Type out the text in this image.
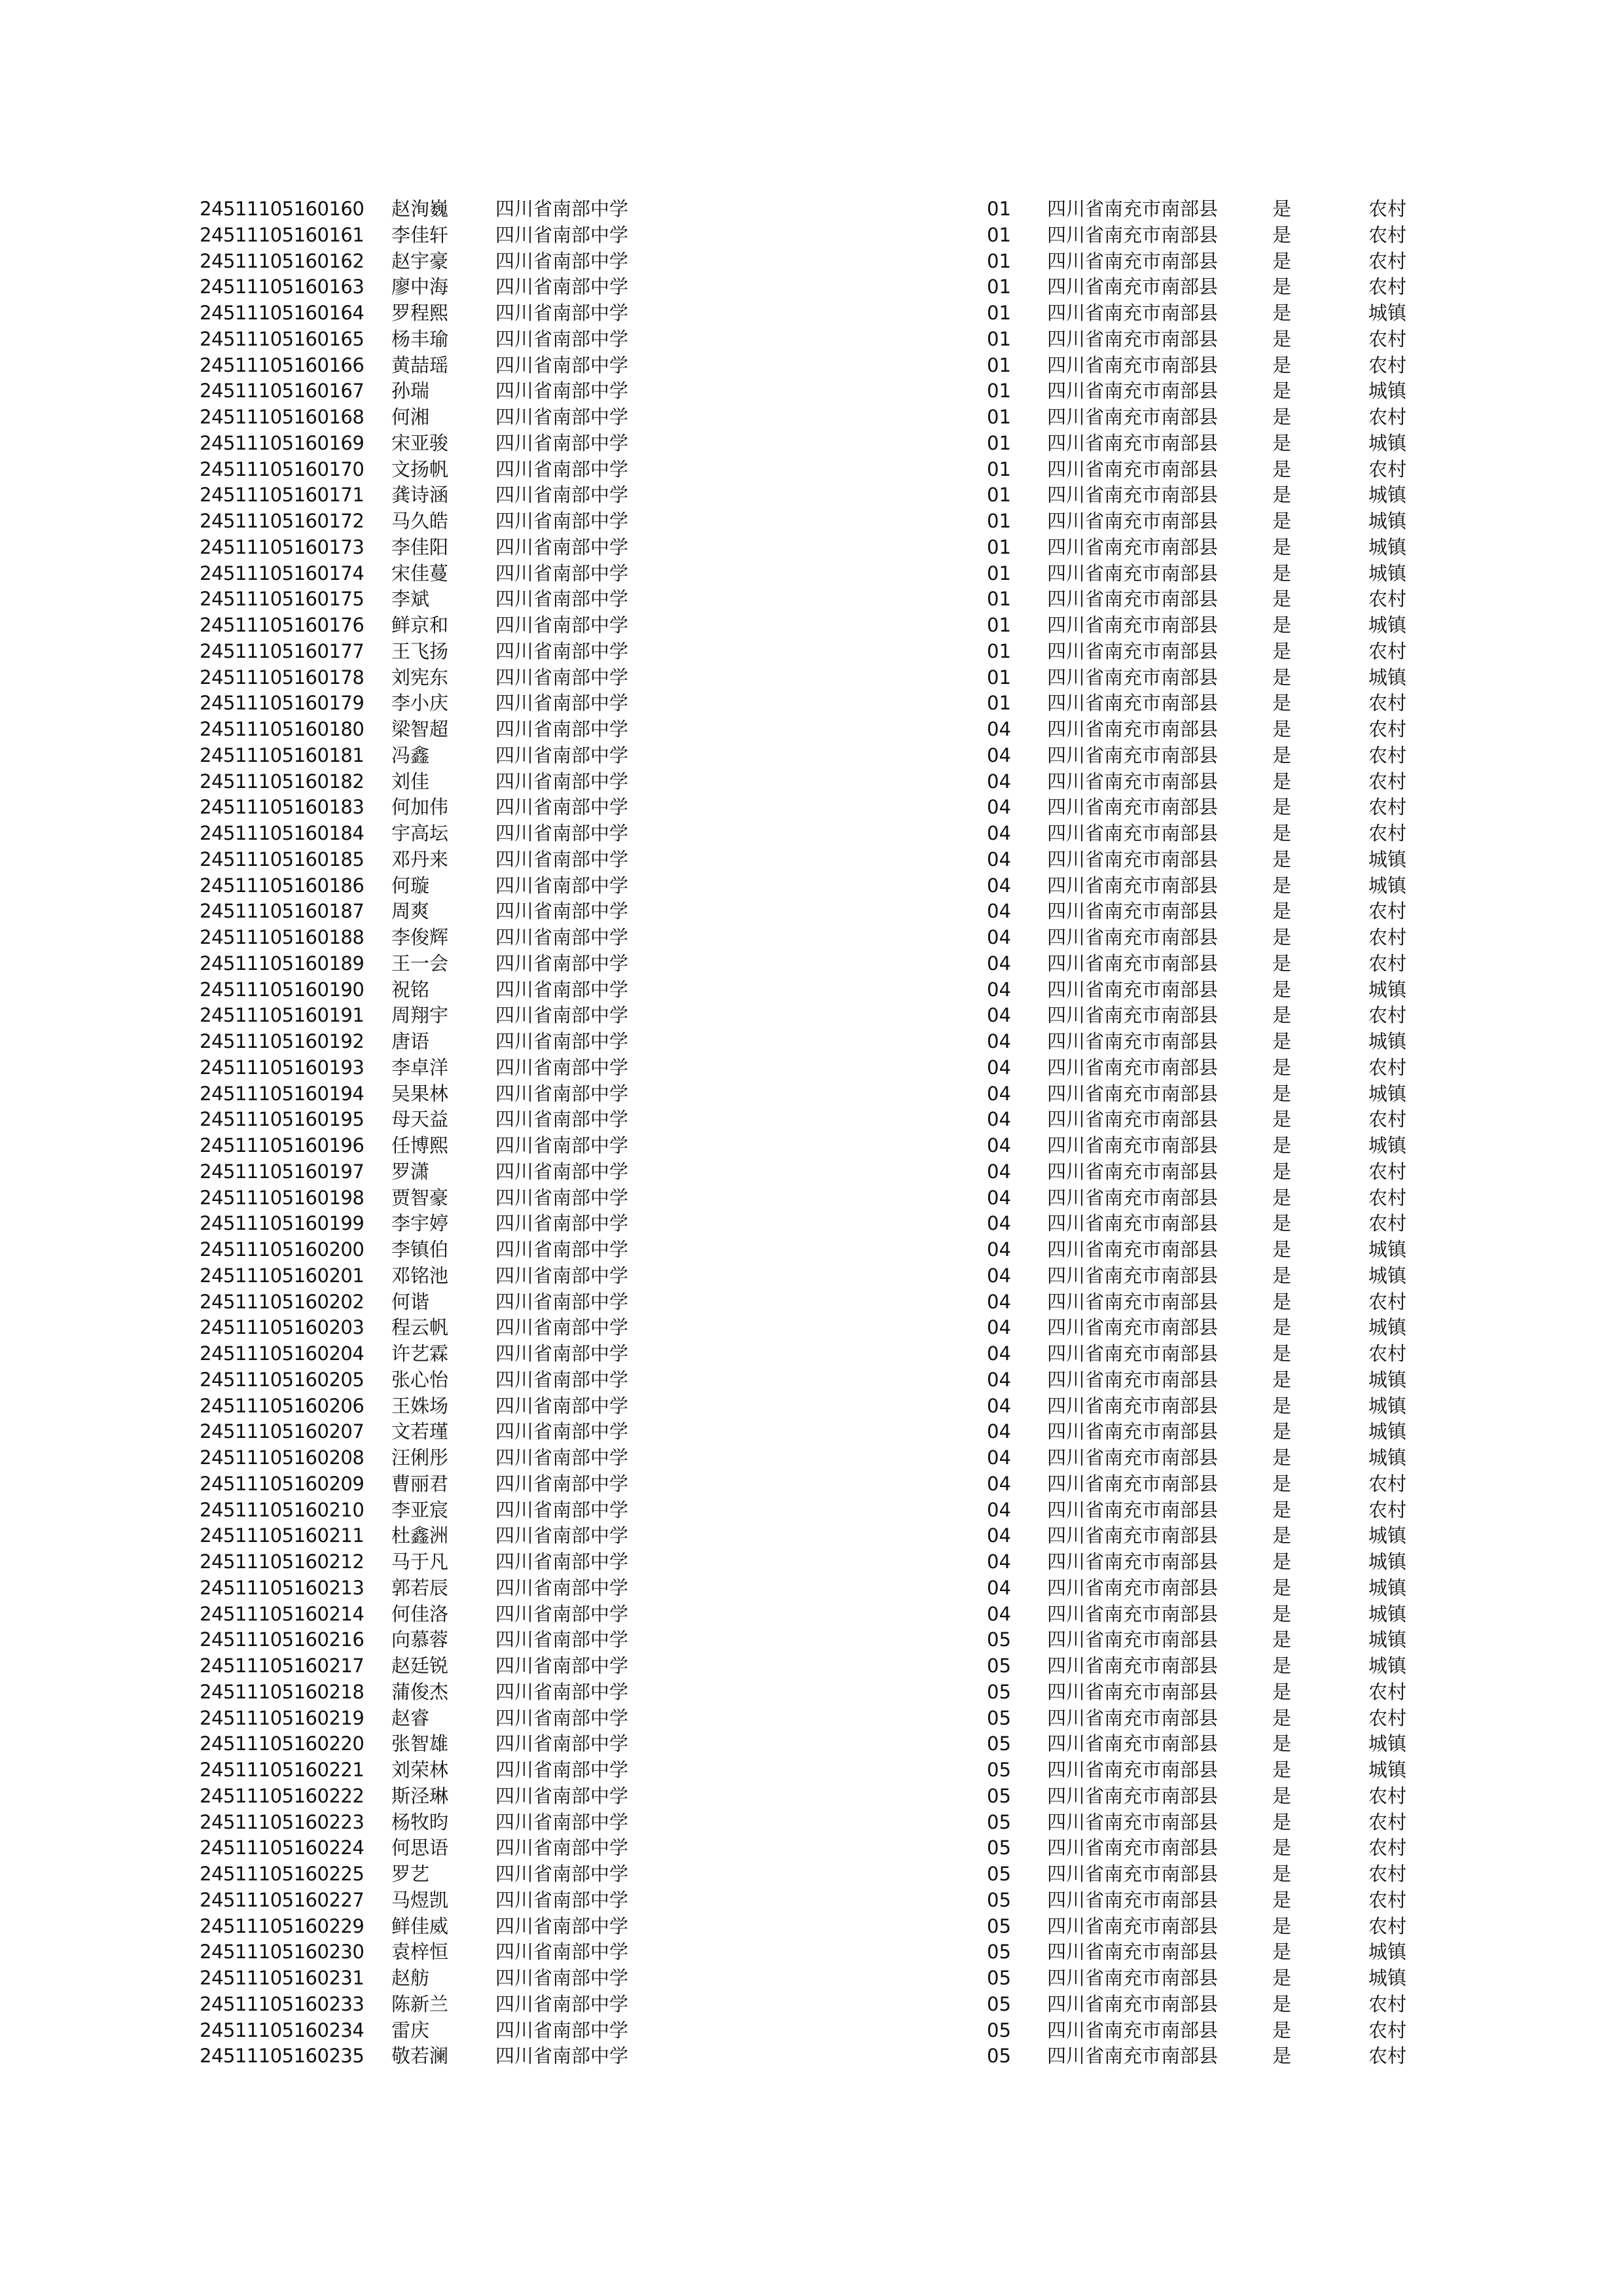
24511105160160 赵洵巍 四川省南部中学	01 四川省南充市南部县	是	农村
24511105160161 李佳轩 四川省南部中学	01 四川省南充市南部县	是	农村
24511105160162 赵宇豪 四川省南部中学	01 四川省南充市南部县	是	农村
24511105160163 廖中海 四川省南部中学	01 四川省南充市南部县	是	农村
24511105160164 罗程熙 四川省南部中学	01 四川省南充市南部县	是	城镇
24511105160165 杨丰瑜 四川省南部中学	01 四川省南充市南部县	是	农村
24511105160166 黄喆瑶 四川省南部中学	01 四川省南充市南部县	是	农村
24511105160167 孙瑞	四川省南部中学	01 四川省南充市南部县	是	城镇
24511105160168 何湘	四川省南部中学	01 四川省南充市南部县	是	农村
24511105160169 宋亚骏 四川省南部中学	01 四川省南充市南部县	是	城镇
24511105160170 文扬帆 四川省南部中学	01 四川省南充市南部县	是	农村
24511105160171 龚诗涵 四川省南部中学	01 四川省南充市南部县	是	城镇
24511105160172 马久皓 四川省南部中学	01 四川省南充市南部县	是	城镇
24511105160173 李佳阳 四川省南部中学	01 四川省南充市南部县	是	城镇
24511105160174 宋佳蔓 四川省南部中学	01 四川省南充市南部县	是	城镇
24511105160175 李斌	四川省南部中学	01 四川省南充市南部县	是	农村
24511105160176 鲜京和 四川省南部中学	01 四川省南充市南部县	是	城镇
24511105160177 王飞扬 四川省南部中学	01 四川省南充市南部县	是	农村
24511105160178 刘宪东 四川省南部中学	01 四川省南充市南部县	是	城镇
24511105160179 李小庆 四川省南部中学	01 四川省南充市南部县	是	农村
24511105160180 梁智超 四川省南部中学	04 四川省南充市南部县	是	农村
24511105160181 冯鑫	四川省南部中学	04 四川省南充市南部县	是	农村
24511105160182 刘佳	四川省南部中学	04 四川省南充市南部县	是	农村
24511105160183 何加伟 四川省南部中学	04 四川省南充市南部县	是	农村
24511105160184 宇高坛 四川省南部中学	04 四川省南充市南部县	是	农村
24511105160185 邓丹来 四川省南部中学	04 四川省南充市南部县	是	城镇
24511105160186 何璇	四川省南部中学	04 四川省南充市南部县	是	城镇
24511105160187 周爽	四川省南部中学	04 四川省南充市南部县	是	农村
24511105160188 李俊辉 四川省南部中学	04 四川省南充市南部县	是	农村
24511105160189 王一会 四川省南部中学	04 四川省南充市南部县	是	农村
24511105160190 祝铭	四川省南部中学	04 四川省南充市南部县	是	城镇
24511105160191 周翔宇 四川省南部中学	04 四川省南充市南部县	是	农村
24511105160192 唐语	四川省南部中学	04 四川省南充市南部县	是	城镇
24511105160193 李卓洋 四川省南部中学	04 四川省南充市南部县	是	农村
24511105160194 吴果林 四川省南部中学	04 四川省南充市南部县	是	城镇
24511105160195 母天益 四川省南部中学	04 四川省南充市南部县	是	农村
24511105160196 任博熙 四川省南部中学	04 四川省南充市南部县	是	城镇
24511105160197 罗潇	四川省南部中学	04 四川省南充市南部县	是	农村
24511105160198 贾智豪 四川省南部中学	04 四川省南充市南部县	是	农村
24511105160199 李宇婷 四川省南部中学	04 四川省南充市南部县	是	农村
24511105160200 李镇伯 四川省南部中学	04 四川省南充市南部县	是	城镇
24511105160201 邓铭池 四川省南部中学	04 四川省南充市南部县	是	城镇
24511105160202 何谐	四川省南部中学	04 四川省南充市南部县	是	农村
24511105160203 程云帆 四川省南部中学	04 四川省南充市南部县	是	城镇
24511105160204 许艺霖 四川省南部中学	04 四川省南充市南部县	是	农村
24511105160205 张心怡 四川省南部中学	04 四川省南充市南部县	是	城镇
24511105160206 王姝场 四川省南部中学	04 四川省南充市南部县	是	城镇
24511105160207 文若瑾 四川省南部中学	04 四川省南充市南部县	是	城镇
24511105160208 汪俐彤 四川省南部中学	04 四川省南充市南部县	是	城镇
24511105160209 曹丽君 四川省南部中学	04 四川省南充市南部县	是	农村
24511105160210 李亚宸 四川省南部中学	04 四川省南充市南部县	是	农村
24511105160211 杜鑫洲 四川省南部中学	04 四川省南充市南部县	是	城镇
24511105160212 马于凡 四川省南部中学	04 四川省南充市南部县	是	城镇
24511105160213 郭若辰 四川省南部中学	04 四川省南充市南部县	是	城镇
24511105160214 何佳洛 四川省南部中学	04 四川省南充市南部县	是	城镇
24511105160216 向慕蓉 四川省南部中学	05 四川省南充市南部县	是	城镇
24511105160217 赵廷锐 四川省南部中学	05 四川省南充市南部县	是	城镇
24511105160218 蒲俊杰 四川省南部中学	05 四川省南充市南部县	是	农村
24511105160219 赵睿	四川省南部中学	05 四川省南充市南部县	是	农村
24511105160220 张智雄 四川省南部中学	05 四川省南充市南部县	是	城镇
24511105160221 刘荣林 四川省南部中学	05 四川省南充市南部县	是	城镇
24511105160222 斯泾琳 四川省南部中学	05 四川省南充市南部县	是	农村
24511105160223 杨牧昀 四川省南部中学	05 四川省南充市南部县	是	农村
24511105160224 何思语 四川省南部中学	05 四川省南充市南部县	是	农村
24511105160225 罗艺	四川省南部中学	05 四川省南充市南部县	是	农村
24511105160227 马煜凯 四川省南部中学	05 四川省南充市南部县	是	农村
24511105160229 鲜佳威 四川省南部中学	05 四川省南充市南部县	是	农村
24511105160230 袁梓恒 四川省南部中学	05 四川省南充市南部县	是	城镇
24511105160231 赵舫	四川省南部中学	05 四川省南充市南部县	是	城镇
24511105160233 陈新兰 四川省南部中学	05 四川省南充市南部县	是	农村
24511105160234 雷庆	四川省南部中学	05 四川省南充市南部县	是	农村
24511105160235 敬若澜 四川省南部中学	05 四川省南充市南部县	是	农村
